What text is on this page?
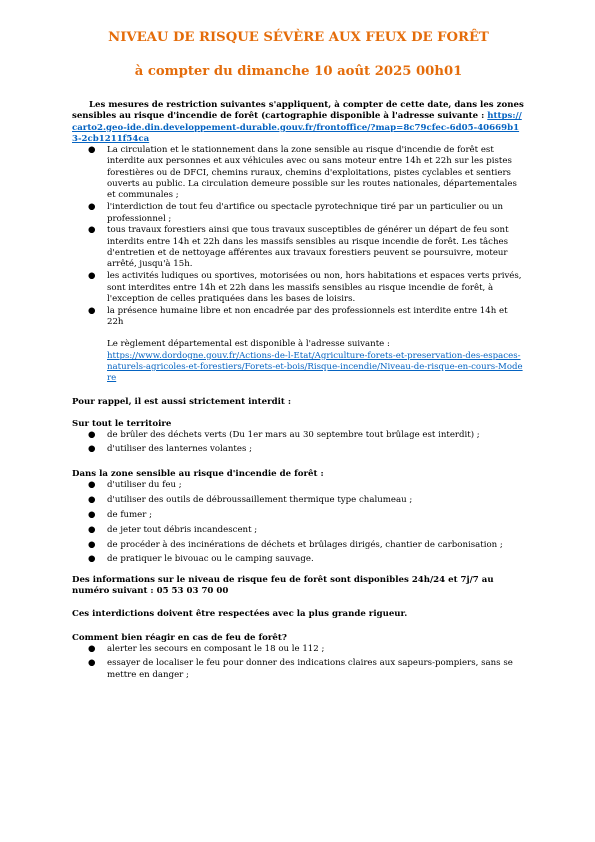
NIVEAU DE RISQUE SÉVÈRE AUX FEUX DE FORÊT
à compter du dimanche 10 août 2025 00h01

Les mesures de restriction suivantes s'appliquent, à compter de cette date, dans les zones sensibles au risque d'incendie de forêt (cartographie disponible à l'adresse suivante : https://carto2.geo-ide.din.developpement-durable.gouv.fr/frontoffice/?map=8c79cfec-6d05-40669b13-2cb1211f54ca

● La circulation et le stationnement dans la zone sensible au risque d'incendie de forêt est interdite aux personnes et aux véhicules avec ou sans moteur entre 14h et 22h sur les pistes forestières ou de DFCI, chemins ruraux, chemins d'exploitations, pistes cyclables et sentiers ouverts au public. La circulation demeure possible sur les routes nationales, départementales et communales ;
● l'interdiction de tout feu d'artifice ou spectacle pyrotechnique tiré par un particulier ou un professionnel ;
● tous travaux forestiers ainsi que tous travaux susceptibles de générer un départ de feu sont interdits entre 14h et 22h dans les massifs sensibles au risque incendie de forêt. Les tâches d'entretien et de nettoyage afférentes aux travaux forestiers peuvent se poursuivre, moteur arrêté, jusqu'à 15h.
● les activités ludiques ou sportives, motorisées ou non, hors habitations et espaces verts privés, sont interdites entre 14h et 22h dans les massifs sensibles au risque incendie de forêt, à l'exception de celles pratiquées dans les bases de loisirs.
● la présence humaine libre et non encadrée par des professionnels est interdite entre 14h et 22h

Le règlement départemental est disponible à l'adresse suivante :
https://www.dordogne.gouv.fr/Actions-de-l-Etat/Agriculture-forets-et-preservation-des-espaces-naturels-agricoles-et-forestiers/Forets-et-bois/Risque-incendie/Niveau-de-risque-en-cours-Modere

Pour rappel, il est aussi strictement interdit :

Sur tout le territoire

● de brûler des déchets verts (Du 1er mars au 30 septembre tout brûlage est interdit) ;
● d'utiliser des lanternes volantes ;

Dans la zone sensible au risque d'incendie de forêt :

● d'utiliser du feu ;
● d'utiliser des outils de débroussaillement thermique type chalumeau ;
● de fumer ;
● de jeter tout débris incandescent ;
● de procéder à des incinérations de déchets et brûlages dirigés, chantier de carbonisation ;
● de pratiquer le bivouac ou le camping sauvage.

Des informations sur le niveau de risque feu de forêt sont disponibles 24h/24 et 7j/7 au numéro suivant : 05 53 03 70 00

Ces interdictions doivent être respectées avec la plus grande rigueur.

Comment bien réagir en cas de feu de forêt?

● alerter les secours en composant le 18 ou le 112 ;
● essayer de localiser le feu pour donner des indications claires aux sapeurs-pompiers, sans se mettre en danger ;
